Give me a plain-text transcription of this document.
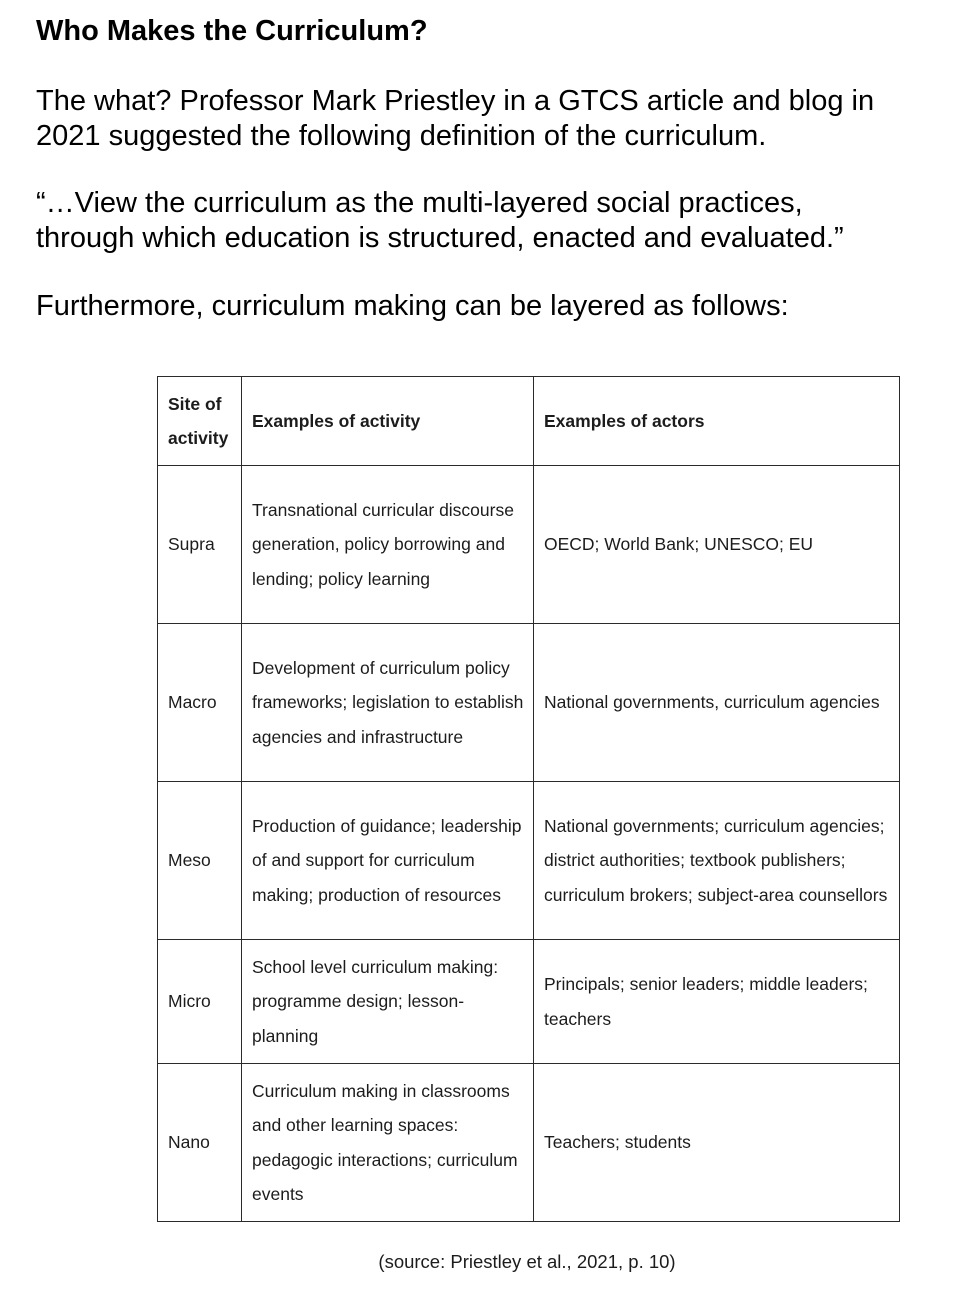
Who Makes the Curriculum?

The what? Professor Mark Priestley in a GTCS article and blog in
2021 suggested the following definition of the curriculum.

“…View the curriculum as the multi-layered social practices,
through which education is structured, enacted and evaluated.”

Furthermore, curriculum making can be layered as follows:

Site of activity	Examples of activity	Examples of actors
Supra	Transnational curricular discourse generation, policy borrowing and lending; policy learning	OECD; World Bank; UNESCO; EU
Macro	Development of curriculum policy frameworks; legislation to establish agencies and infrastructure	National governments, curriculum agencies
Meso	Production of guidance; leadership of and support for curriculum making; production of resources	National governments; curriculum agencies; district authorities; textbook publishers; curriculum brokers; subject-area counsellors
Micro	School level curriculum making: programme design; lesson-planning	Principals; senior leaders; middle leaders; teachers
Nano	Curriculum making in classrooms and other learning spaces: pedagogic interactions; curriculum events	Teachers; students

(source: Priestley et al., 2021, p. 10)
